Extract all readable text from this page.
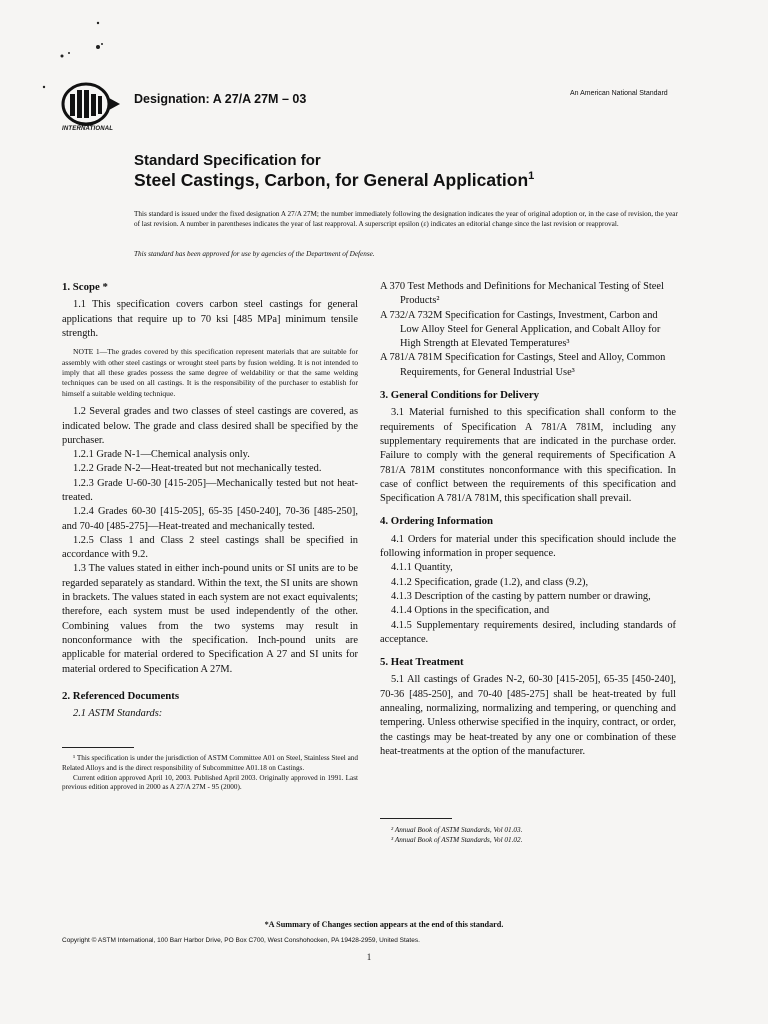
INTERNATIONAL
Designation: A 27/A 27M – 03	An American National Standard
Standard Specification for
Steel Castings, Carbon, for General Application$^1$
This standard is issued under the fixed designation A 27/A 27M; the number immediately following the designation indicates the year of original adoption or, in the case of revision, the year of last revision. A number in parentheses indicates the year of last reapproval. A superscript epsilon (ε) indicates an editorial change since the last revision or reapproval.
This standard has been approved for use by agencies of the Department of Defense.

1. Scope *

1.1 This specification covers carbon steel castings for general applications that require up to 70 ksi [485 MPa] minimum tensile strength.

NOTE 1—The grades covered by this specification represent materials that are suitable for assembly with other steel castings or wrought steel parts by fusion welding. It is not intended to imply that all these grades possess the same degree of weldability or that the same welding techniques can be used on all castings. It is the responsibility of the purchaser to establish for himself a suitable welding technique.

1.2 Several grades and two classes of steel castings are covered, as indicated below. The grade and class desired shall be specified by the purchaser.

1.2.1 Grade N-1—Chemical analysis only.

1.2.2 Grade N-2—Heat-treated but not mechanically tested.

1.2.3 Grade U-60-30 [415-205]—Mechanically tested but not heat-treated.

1.2.4 Grades 60-30 [415-205], 65-35 [450-240], 70-36 [485-250], and 70-40 [485-275]—Heat-treated and mechanically tested.

1.2.5 Class 1 and Class 2 steel castings shall be specified in accordance with 9.2.

1.3 The values stated in either inch-pound units or SI units are to be regarded separately as standard. Within the text, the SI units are shown in brackets. The values stated in each system are not exact equivalents; therefore, each system must be used independently of the other. Combining values from the two systems may result in nonconformance with the specification. Inch-pound units are applicable for material ordered to Specification A 27 and SI units for material ordered to Specification A 27M.

2. Referenced Documents

2.1 ASTM Standards:

¹ This specification is under the jurisdiction of ASTM Committee A01 on Steel, Stainless Steel and Related Alloys and is the direct responsibility of Subcommittee A01.18 on Castings.

Current edition approved April 10, 2003. Published April 2003. Originally approved in 1991. Last previous edition approved in 2000 as A 27/A 27M - 95 (2000).

A 370 Test Methods and Definitions for Mechanical Testing of Steel Products²

A 732/A 732M Specification for Castings, Investment, Carbon and Low Alloy Steel for General Application, and Cobalt Alloy for High Strength at Elevated Temperatures³

A 781/A 781M Specification for Castings, Steel and Alloy, Common Requirements, for General Industrial Use³

3. General Conditions for Delivery

3.1 Material furnished to this specification shall conform to the requirements of Specification A 781/A 781M, including any supplementary requirements that are indicated in the purchase order. Failure to comply with the general requirements of Specification A 781/A 781M constitutes nonconformance with this specification. In case of conflict between the requirements of this specification and Specification A 781/A 781M, this specification shall prevail.

4. Ordering Information

4.1 Orders for material under this specification should include the following information in proper sequence.

4.1.1 Quantity,

4.1.2 Specification, grade (1.2), and class (9.2),

4.1.3 Description of the casting by pattern number or drawing,

4.1.4 Options in the specification, and

4.1.5 Supplementary requirements desired, including standards of acceptance.

5. Heat Treatment

5.1 All castings of Grades N-2, 60-30 [415-205], 65-35 [450-240], 70-36 [485-250], and 70-40 [485-275] shall be heat-treated by full annealing, normalizing, normalizing and tempering, or quenching and tempering. Unless otherwise specified in the inquiry, contract, or order, the castings may be heat-treated by any one or combination of these heat-treatments at the option of the manufacturer.

² Annual Book of ASTM Standards, Vol 01.03.

³ Annual Book of ASTM Standards, Vol 01.02.

*A Summary of Changes section appears at the end of this standard.
Copyright © ASTM International, 100 Barr Harbor Drive, PO Box C700, West Conshohocken, PA 19428-2959, United States.
1
